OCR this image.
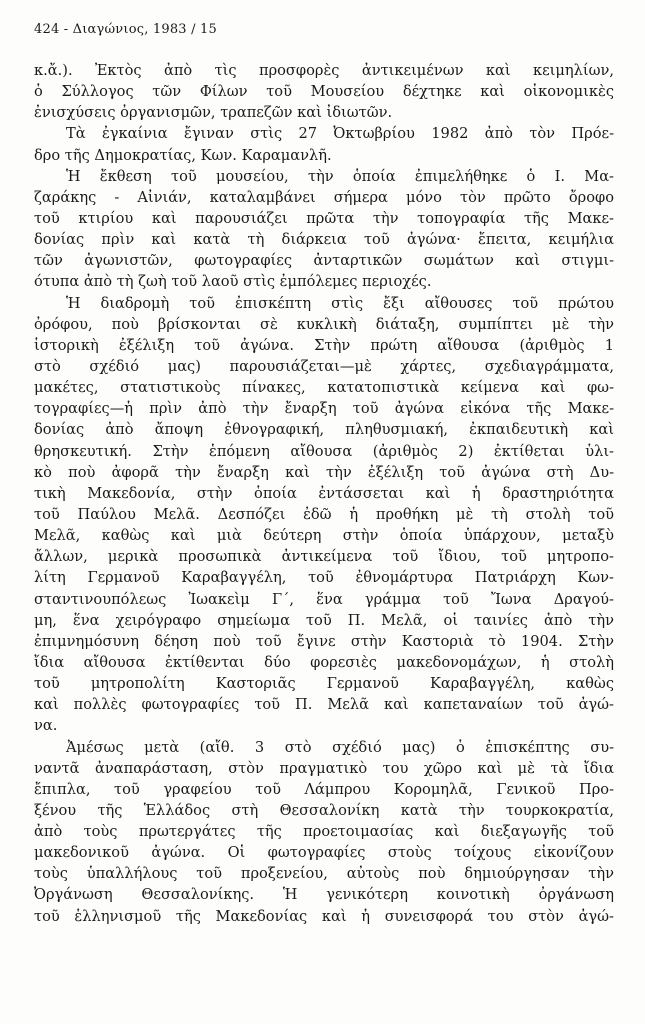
424 - Διαγώνιος, 1983 / 15
κ.ἄ.). Ἐκτὸς ἀπὸ τὶς προσφορὲς ἀντικειμένων καὶ κειμηλίων,
ὁ Σύλλογος τῶν Φίλων τοῦ Μουσείου δέχτηκε καὶ οἰκονομικὲς
ἐνισχύσεις ὀργανισμῶν, τραπεζῶν καὶ ἰδιωτῶν.
Τὰ ἐγκαίνια ἔγιναν στὶς 27 Ὀκτωβρίου 1982 ἀπὸ τὸν Πρόε-
δρο τῆς Δημοκρατίας, Κων. Καραμανλῆ.
Ἡ ἔκθεση τοῦ μουσείου, τὴν ὁποία ἐπιμελήθηκε ὁ Ι. Μα-
ζαράκης - Αἰνιάν, καταλαμβάνει σήμερα μόνο τὸν πρῶτο ὄροφο
τοῦ κτιρίου καὶ παρουσιάζει πρῶτα τὴν τοπογραφία τῆς Μακε-
δονίας πρὶν καὶ κατὰ τὴ διάρκεια τοῦ ἀγώνα· ἔπειτα, κειμήλια
τῶν ἀγωνιστῶν, φωτογραφίες ἀνταρτικῶν σωμάτων καὶ στιγμι-
ότυπα ἀπὸ τὴ ζωὴ τοῦ λαοῦ στὶς ἐμπόλεμες περιοχές.
Ἡ διαδρομὴ τοῦ ἐπισκέπτη στὶς ἔξι αἴθουσες τοῦ πρώτου
ὀρόφου, ποὺ βρίσκονται σὲ κυκλικὴ διάταξη, συμπίπτει μὲ τὴν
ἱστορικὴ ἐξέλιξη τοῦ ἀγώνα. Στὴν πρώτη αἴθουσα (ἀριθμὸς 1
στὸ σχέδιό μας) παρουσιάζεται—μὲ χάρτες, σχεδιαγράμματα,
μακέτες, στατιστικοὺς πίνακες, κατατοπιστικὰ κείμενα καὶ φω-
τογραφίες—ἡ πρὶν ἀπὸ τὴν ἔναρξη τοῦ ἀγώνα εἰκόνα τῆς Μακε-
δονίας ἀπὸ ἄποψη ἐθνογραφική, πληθυσμιακή, ἐκπαιδευτικὴ καὶ
θρησκευτική. Στὴν ἑπόμενη αἴθουσα (ἀριθμὸς 2) ἐκτίθεται ὑλι-
κὸ ποὺ ἀφορᾶ τὴν ἔναρξη καὶ τὴν ἐξέλιξη τοῦ ἀγώνα στὴ Δυ-
τικὴ Μακεδονία, στὴν ὁποία ἐντάσσεται καὶ ἡ δραστηριότητα
τοῦ Παύλου Μελᾶ. Δεσπόζει ἐδῶ ἡ προθήκη μὲ τὴ στολὴ τοῦ
Μελᾶ, καθὼς καὶ μιὰ δεύτερη στὴν ὁποία ὑπάρχουν, μεταξὺ
ἄλλων, μερικὰ προσωπικὰ ἀντικείμενα τοῦ ἴδιου, τοῦ μητροπο-
λίτη Γερμανοῦ Καραβαγγέλη, τοῦ ἐθνομάρτυρα Πατριάρχη Κων-
σταντινουπόλεως Ἰωακεὶμ Γ΄, ἕνα γράμμα τοῦ Ἴωνα Δραγού-
μη, ἕνα χειρόγραφο σημείωμα τοῦ Π. Μελᾶ, οἱ ταινίες ἀπὸ τὴν
ἐπιμνημόσυνη δέηση ποὺ τοῦ ἔγινε στὴν Καστοριὰ τὸ 1904. Στὴν
ἴδια αἴθουσα ἐκτίθενται δύο φορεσιὲς μακεδονομάχων, ἡ στολὴ
τοῦ μητροπολίτη Καστοριᾶς Γερμανοῦ Καραβαγγέλη, καθὼς
καὶ πολλὲς φωτογραφίες τοῦ Π. Μελᾶ καὶ καπεταναίων τοῦ ἀγώ-
να.
Ἀμέσως μετὰ (αἴθ. 3 στὸ σχέδιό μας) ὁ ἐπισκέπτης συ-
ναντᾶ ἀναπαράσταση, στὸν πραγματικὸ του χῶρο καὶ μὲ τὰ ἴδια
ἔπιπλα, τοῦ γραφείου τοῦ Λάμπρου Κορομηλᾶ, Γενικοῦ Προ-
ξένου τῆς Ἑλλάδος στὴ Θεσσαλονίκη κατὰ τὴν τουρκοκρατία,
ἀπὸ τοὺς πρωτεργάτες τῆς προετοιμασίας καὶ διεξαγωγῆς τοῦ
μακεδονικοῦ ἀγώνα. Οἱ φωτογραφίες στοὺς τοίχους εἰκονίζουν
τοὺς ὑπαλλήλους τοῦ προξενείου, αὐτοὺς ποὺ δημιούργησαν τὴν
Ὀργάνωση Θεσσαλονίκης. Ἡ γενικότερη κοινοτικὴ ὀργάνωση
τοῦ ἑλληνισμοῦ τῆς Μακεδονίας καὶ ἡ συνεισφορά του στὸν ἀγώ-
